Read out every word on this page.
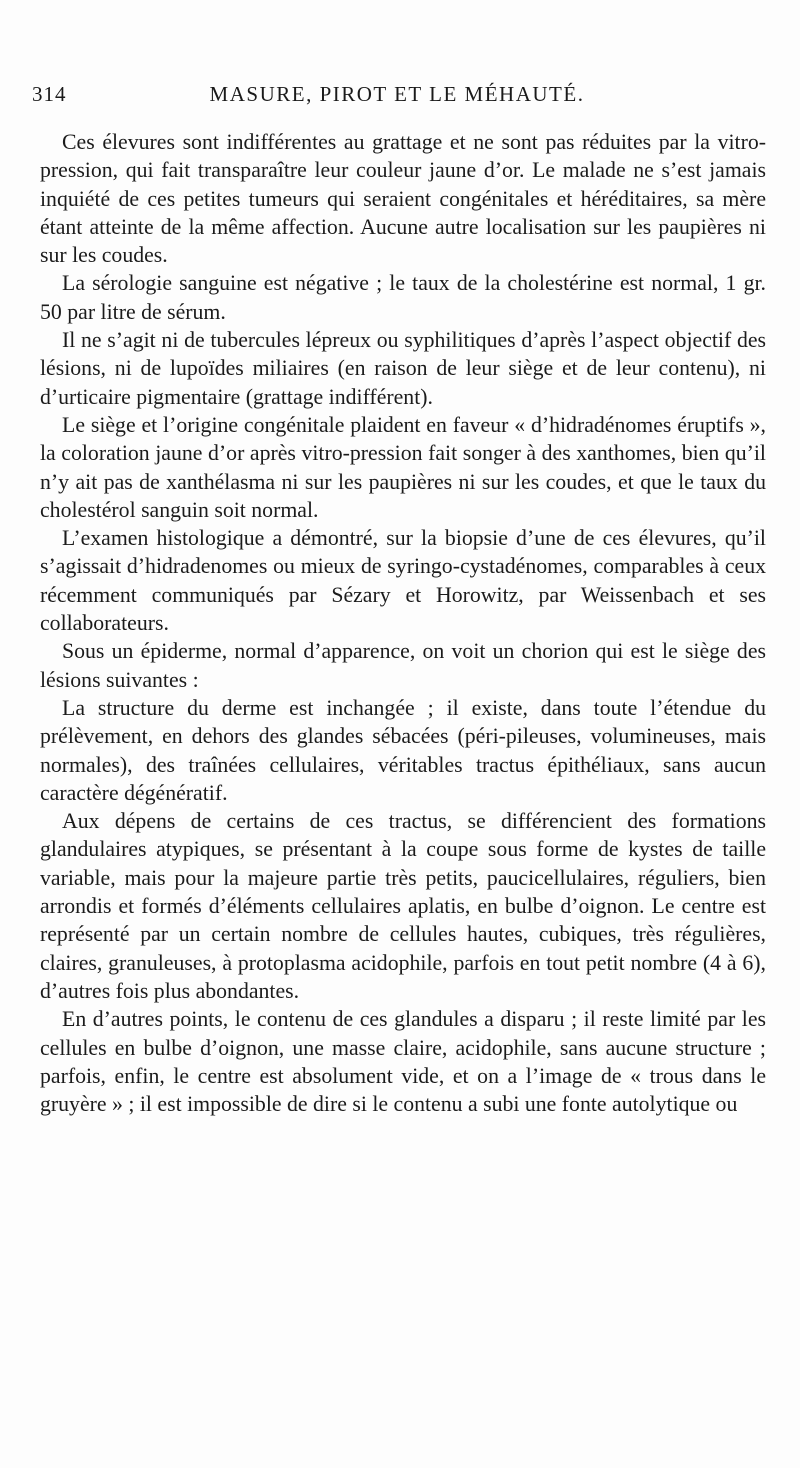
314	MASURE, PIROT ET LE MÉHAUTÉ.

Ces élevures sont indifférentes au grattage et ne sont pas réduites par la vitro-pression, qui fait transparaître leur couleur jaune d’or. Le malade ne s’est jamais inquiété de ces petites tumeurs qui seraient congénitales et héréditaires, sa mère étant atteinte de la même affection. Aucune autre localisation sur les paupières ni sur les coudes.

La sérologie sanguine est négative ; le taux de la cholestérine est normal, 1 gr. 50 par litre de sérum.

Il ne s’agit ni de tubercules lépreux ou syphilitiques d’après l’aspect objectif des lésions, ni de lupoïdes miliaires (en raison de leur siège et de leur contenu), ni d’urticaire pigmentaire (grattage indifférent).

Le siège et l’origine congénitale plaident en faveur « d’hidradénomes éruptifs », la coloration jaune d’or après vitro-pression fait songer à des xanthomes, bien qu’il n’y ait pas de xanthélasma ni sur les paupières ni sur les coudes, et que le taux du cholestérol sanguin soit normal.

L’examen histologique a démontré, sur la biopsie d’une de ces élevures, qu’il s’agissait d’hidradenomes ou mieux de syringo-cystadénomes, comparables à ceux récemment communiqués par Sézary et Horowitz, par Weissenbach et ses collaborateurs.

Sous un épiderme, normal d’apparence, on voit un chorion qui est le siège des lésions suivantes :

La structure du derme est inchangée ; il existe, dans toute l’étendue du prélèvement, en dehors des glandes sébacées (péri-pileuses, volumineuses, mais normales), des traînées cellulaires, véritables tractus épithéliaux, sans aucun caractère dégénératif.

Aux dépens de certains de ces tractus, se différencient des formations glandulaires atypiques, se présentant à la coupe sous forme de kystes de taille variable, mais pour la majeure partie très petits, paucicellulaires, réguliers, bien arrondis et formés d’éléments cellulaires aplatis, en bulbe d’oignon. Le centre est représenté par un certain nombre de cellules hautes, cubiques, très régulières, claires, granuleuses, à protoplasma acidophile, parfois en tout petit nombre (4 à 6), d’autres fois plus abondantes.

En d’autres points, le contenu de ces glandules a disparu ; il reste limité par les cellules en bulbe d’oignon, une masse claire, acidophile, sans aucune structure ; parfois, enfin, le centre est absolument vide, et on a l’image de « trous dans le gruyère » ; il est impossible de dire si le contenu a subi une fonte autolytique ou
